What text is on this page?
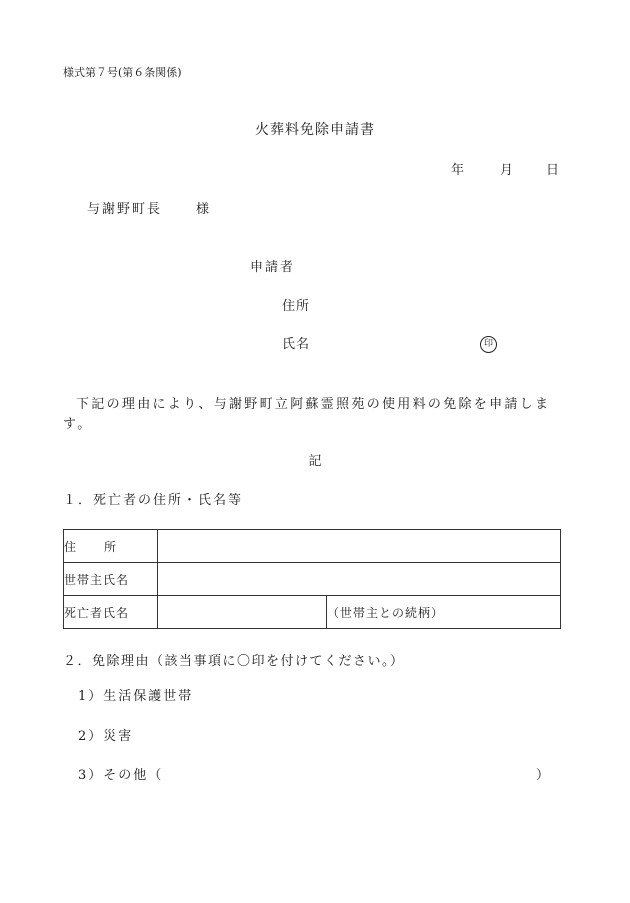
様式第７号(第６条関係)
火葬料免除申請書
年	月	日
与謝野町長	様
申請者
住所
氏名	印
下記の理由により、与謝野町立阿蘇霊照苑の使用料の免除を申請します。
記
１．死亡者の住所・氏名等
住所		
世帯主氏名		
死亡者氏名		（世帯主との続柄）
２．免除理由（該当事項に〇印を付けてください。）
1）生活保護世帯
2）災害
3）その他（	）
